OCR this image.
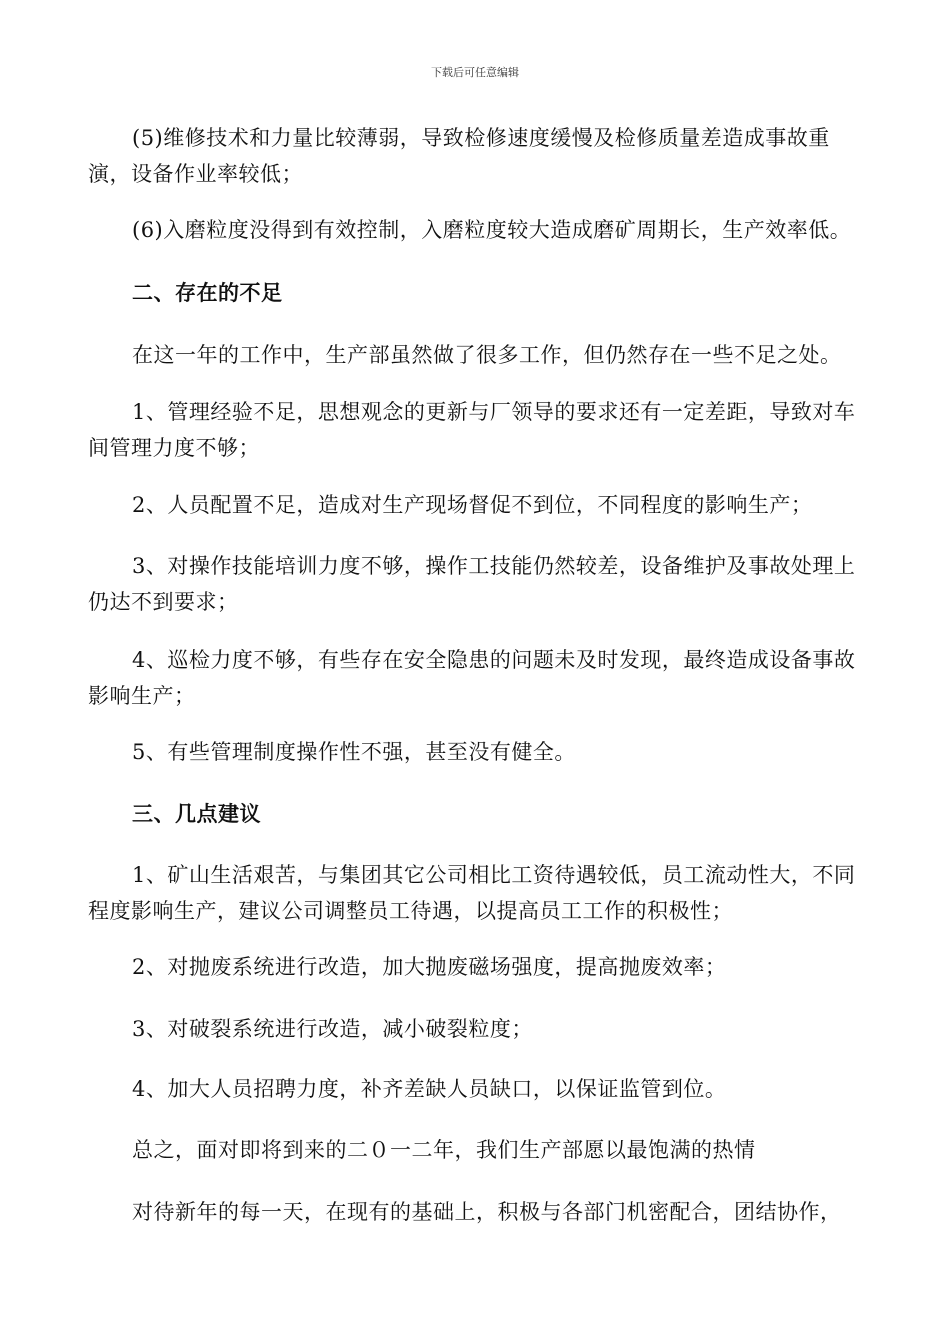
下载后可任意编辑
(5)维修技术和力量比较薄弱，导致检修速度缓慢及检修质量差造成事故重演，设备作业率较低；
(6)入磨粒度没得到有效控制，入磨粒度较大造成磨矿周期长，生产效率低。
二、存在的不足
在这一年的工作中，生产部虽然做了很多工作，但仍然存在一些不足之处。
1、管理经验不足，思想观念的更新与厂领导的要求还有一定差距，导致对车间管理力度不够；
2、人员配置不足，造成对生产现场督促不到位，不同程度的影响生产；
3、对操作技能培训力度不够，操作工技能仍然较差，设备维护及事故处理上仍达不到要求；
4、巡检力度不够，有些存在安全隐患的问题未及时发现，最终造成设备事故影响生产；
5、有些管理制度操作性不强，甚至没有健全。
三、几点建议
1、矿山生活艰苦，与集团其它公司相比工资待遇较低，员工流动性大，不同程度影响生产，建议公司调整员工待遇，以提高员工工作的积极性；
2、对抛废系统进行改造，加大抛废磁场强度，提高抛废效率；
3、对破裂系统进行改造，减小破裂粒度；
4、加大人员招聘力度，补齐差缺人员缺口，以保证监管到位。
总之，面对即将到来的二０一二年，我们生产部愿以最饱满的热情
对待新年的每一天，在现有的基础上，积极与各部门机密配合，团结协作，
